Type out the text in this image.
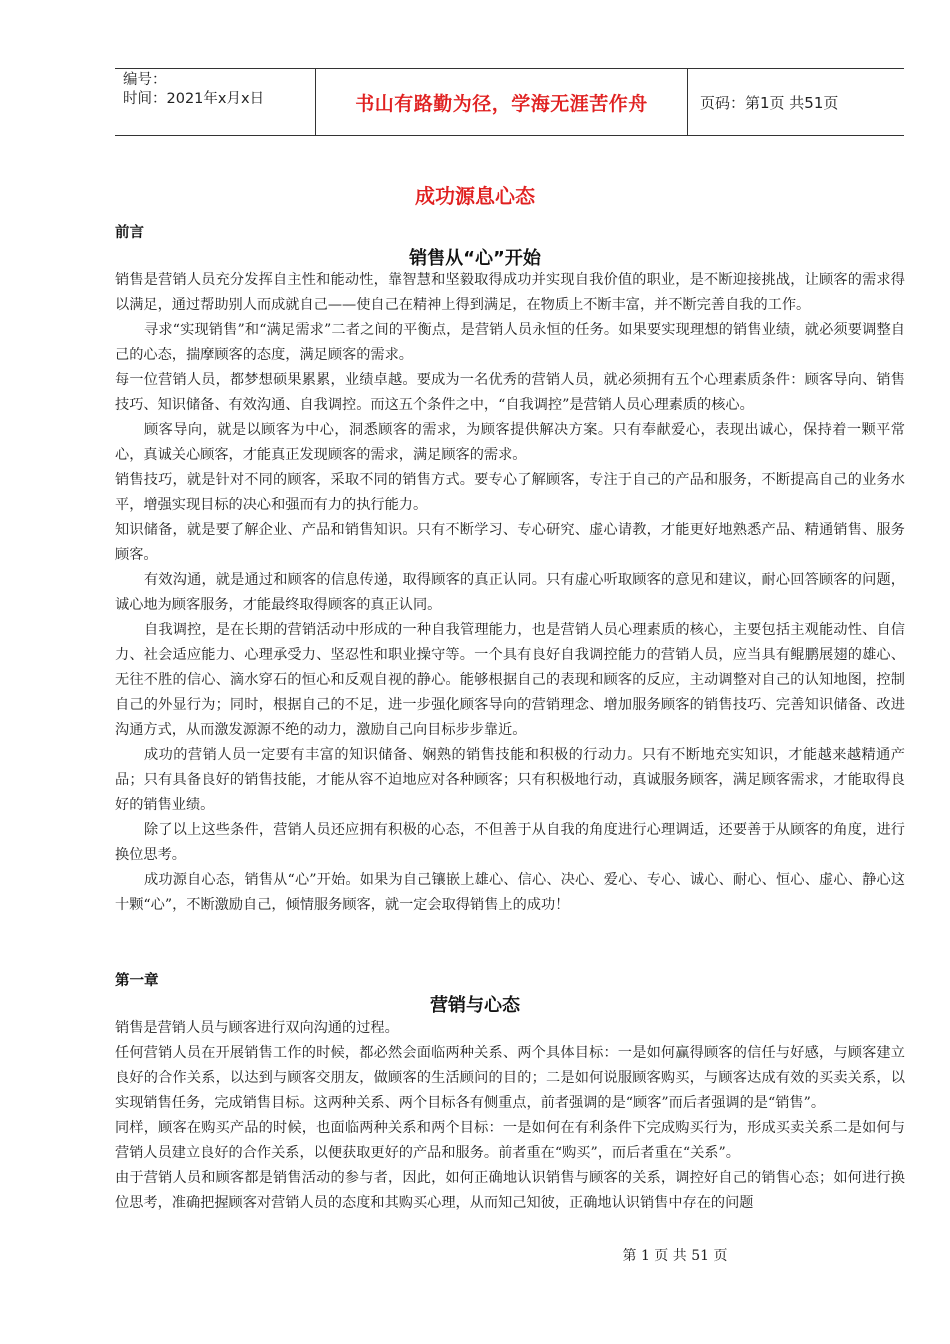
编号：
时间：2021年x月x日	书山有路勤为径，学海无涯苦作舟	页码：第1页 共51页
成功源息心态
前言
销售从“心”开始

销售是营销人员充分发挥自主性和能动性，靠智慧和坚毅取得成功并实现自我价值的职业，是不断迎接挑战，让顾客的需求得以满足，通过帮助别人而成就自己——使自己在精神上得到满足，在物质上不断丰富，并不断完善自我的工作。

寻求“实现销售”和“满足需求”二者之间的平衡点，是营销人员永恒的任务。如果要实现理想的销售业绩，就必须要调整自己的心态，揣摩顾客的态度，满足顾客的需求。

每一位营销人员，都梦想硕果累累，业绩卓越。要成为一名优秀的营销人员，就必须拥有五个心理素质条件：顾客导向、销售技巧、知识储备、有效沟通、自我调控。而这五个条件之中，“自我调控”是营销人员心理素质的核心。

顾客导向，就是以顾客为中心，洞悉顾客的需求，为顾客提供解决方案。只有奉献爱心，表现出诚心，保持着一颗平常心，真诚关心顾客，才能真正发现顾客的需求，满足顾客的需求。

销售技巧，就是针对不同的顾客，采取不同的销售方式。要专心了解顾客，专注于自己的产品和服务，不断提高自己的业务水平，增强实现目标的决心和强而有力的执行能力。

知识储备，就是要了解企业、产品和销售知识。只有不断学习、专心研究、虚心请教，才能更好地熟悉产品、精通销售、服务顾客。

有效沟通，就是通过和顾客的信息传递，取得顾客的真正认同。只有虚心听取顾客的意见和建议，耐心回答顾客的问题，诚心地为顾客服务，才能最终取得顾客的真正认同。

自我调控，是在长期的营销活动中形成的一种自我管理能力，也是营销人员心理素质的核心，主要包括主观能动性、自信力、社会适应能力、心理承受力、坚忍性和职业操守等。一个具有良好自我调控能力的营销人员，应当具有鲲鹏展翅的雄心、无往不胜的信心、滴水穿石的恒心和反观自视的静心。能够根据自己的表现和顾客的反应，主动调整对自己的认知地图，控制自己的外显行为；同时，根据自己的不足，进一步强化顾客导向的营销理念、增加服务顾客的销售技巧、完善知识储备、改进沟通方式，从而激发源源不绝的动力，激励自己向目标步步靠近。

成功的营销人员一定要有丰富的知识储备、娴熟的销售技能和积极的行动力。只有不断地充实知识，才能越来越精通产品；只有具备良好的销售技能，才能从容不迫地应对各种顾客；只有积极地行动，真诚服务顾客，满足顾客需求，才能取得良好的销售业绩。

除了以上这些条件，营销人员还应拥有积极的心态，不但善于从自我的角度进行心理调适，还要善于从顾客的角度，进行换位思考。

成功源自心态，销售从“心”开始。如果为自己镶嵌上雄心、信心、决心、爱心、专心、诚心、耐心、恒心、虚心、静心这十颗“心”，不断激励自己，倾情服务顾客，就一定会取得销售上的成功！

第一章
营销与心态

销售是营销人员与顾客进行双向沟通的过程。

任何营销人员在开展销售工作的时候，都必然会面临两种关系、两个具体目标：一是如何赢得顾客的信任与好感，与顾客建立良好的合作关系，以达到与顾客交朋友，做顾客的生活顾问的目的；二是如何说服顾客购买，与顾客达成有效的买卖关系，以实现销售任务，完成销售目标。这两种关系、两个目标各有侧重点，前者强调的是“顾客”而后者强调的是“销售”。

同样，顾客在购买产品的时候，也面临两种关系和两个目标：一是如何在有利条件下完成购买行为，形成买卖关系二是如何与营销人员建立良好的合作关系，以便获取更好的产品和服务。前者重在“购买”，而后者重在“关系”。

由于营销人员和顾客都是销售活动的参与者，因此，如何正确地认识销售与顾客的关系，调控好自己的销售心态；如何进行换位思考，准确把握顾客对营销人员的态度和其购买心理，从而知己知彼，正确地认识销售中存在的问题

第 1 页 共 51 页
